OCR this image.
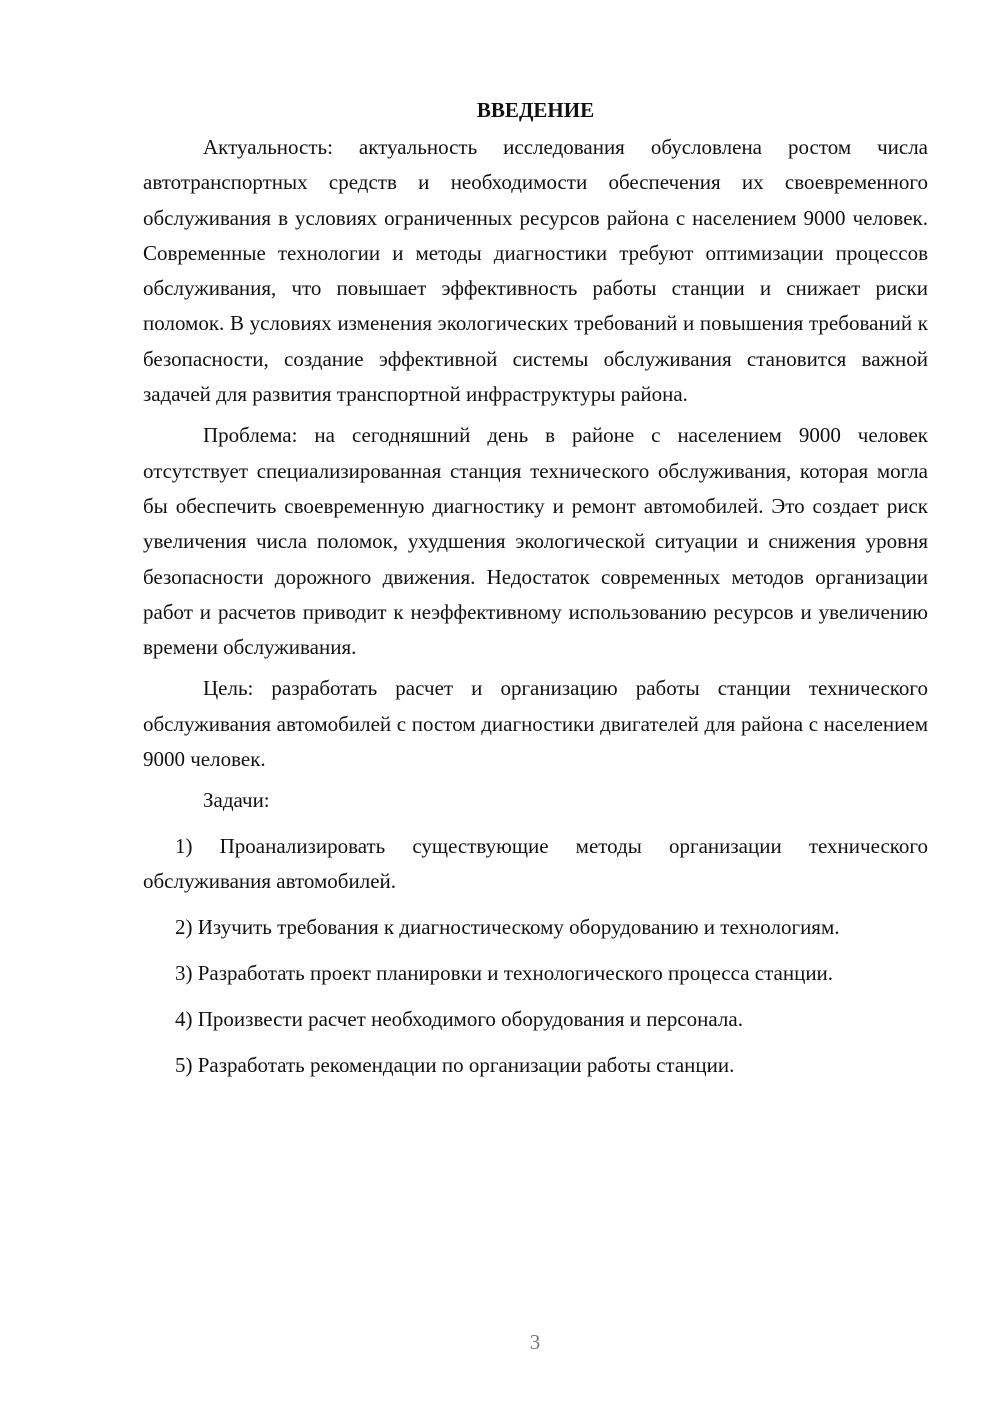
ВВЕДЕНИЕ

Актуальность: актуальность исследования обусловлена ростом числа автотранспортных средств и необходимости обеспечения их своевременного обслуживания в условиях ограниченных ресурсов района с населением 9000 человек. Современные технологии и методы диагностики требуют оптимизации процессов обслуживания, что повышает эффективность работы станции и снижает риски поломок. В условиях изменения экологических требований и повышения требований к безопасности, создание эффективной системы обслуживания становится важной задачей для развития транспортной инфраструктуры района.

Проблема: на сегодняшний день в районе с населением 9000 человек отсутствует специализированная станция технического обслуживания, которая могла бы обеспечить своевременную диагностику и ремонт автомобилей. Это создает риск увеличения числа поломок, ухудшения экологической ситуации и снижения уровня безопасности дорожного движения. Недостаток современных методов организации работ и расчетов приводит к неэффективному использованию ресурсов и увеличению времени обслуживания.

Цель: разработать расчет и организацию работы станции технического обслуживания автомобилей с постом диагностики двигателей для района с населением 9000 человек.

Задачи:

1) Проанализировать существующие методы организации технического обслуживания автомобилей.

2) Изучить требования к диагностическому оборудованию и технологиям.

3) Разработать проект планировки и технологического процесса станции.

4) Произвести расчет необходимого оборудования и персонала.

5) Разработать рекомендации по организации работы станции.

3
